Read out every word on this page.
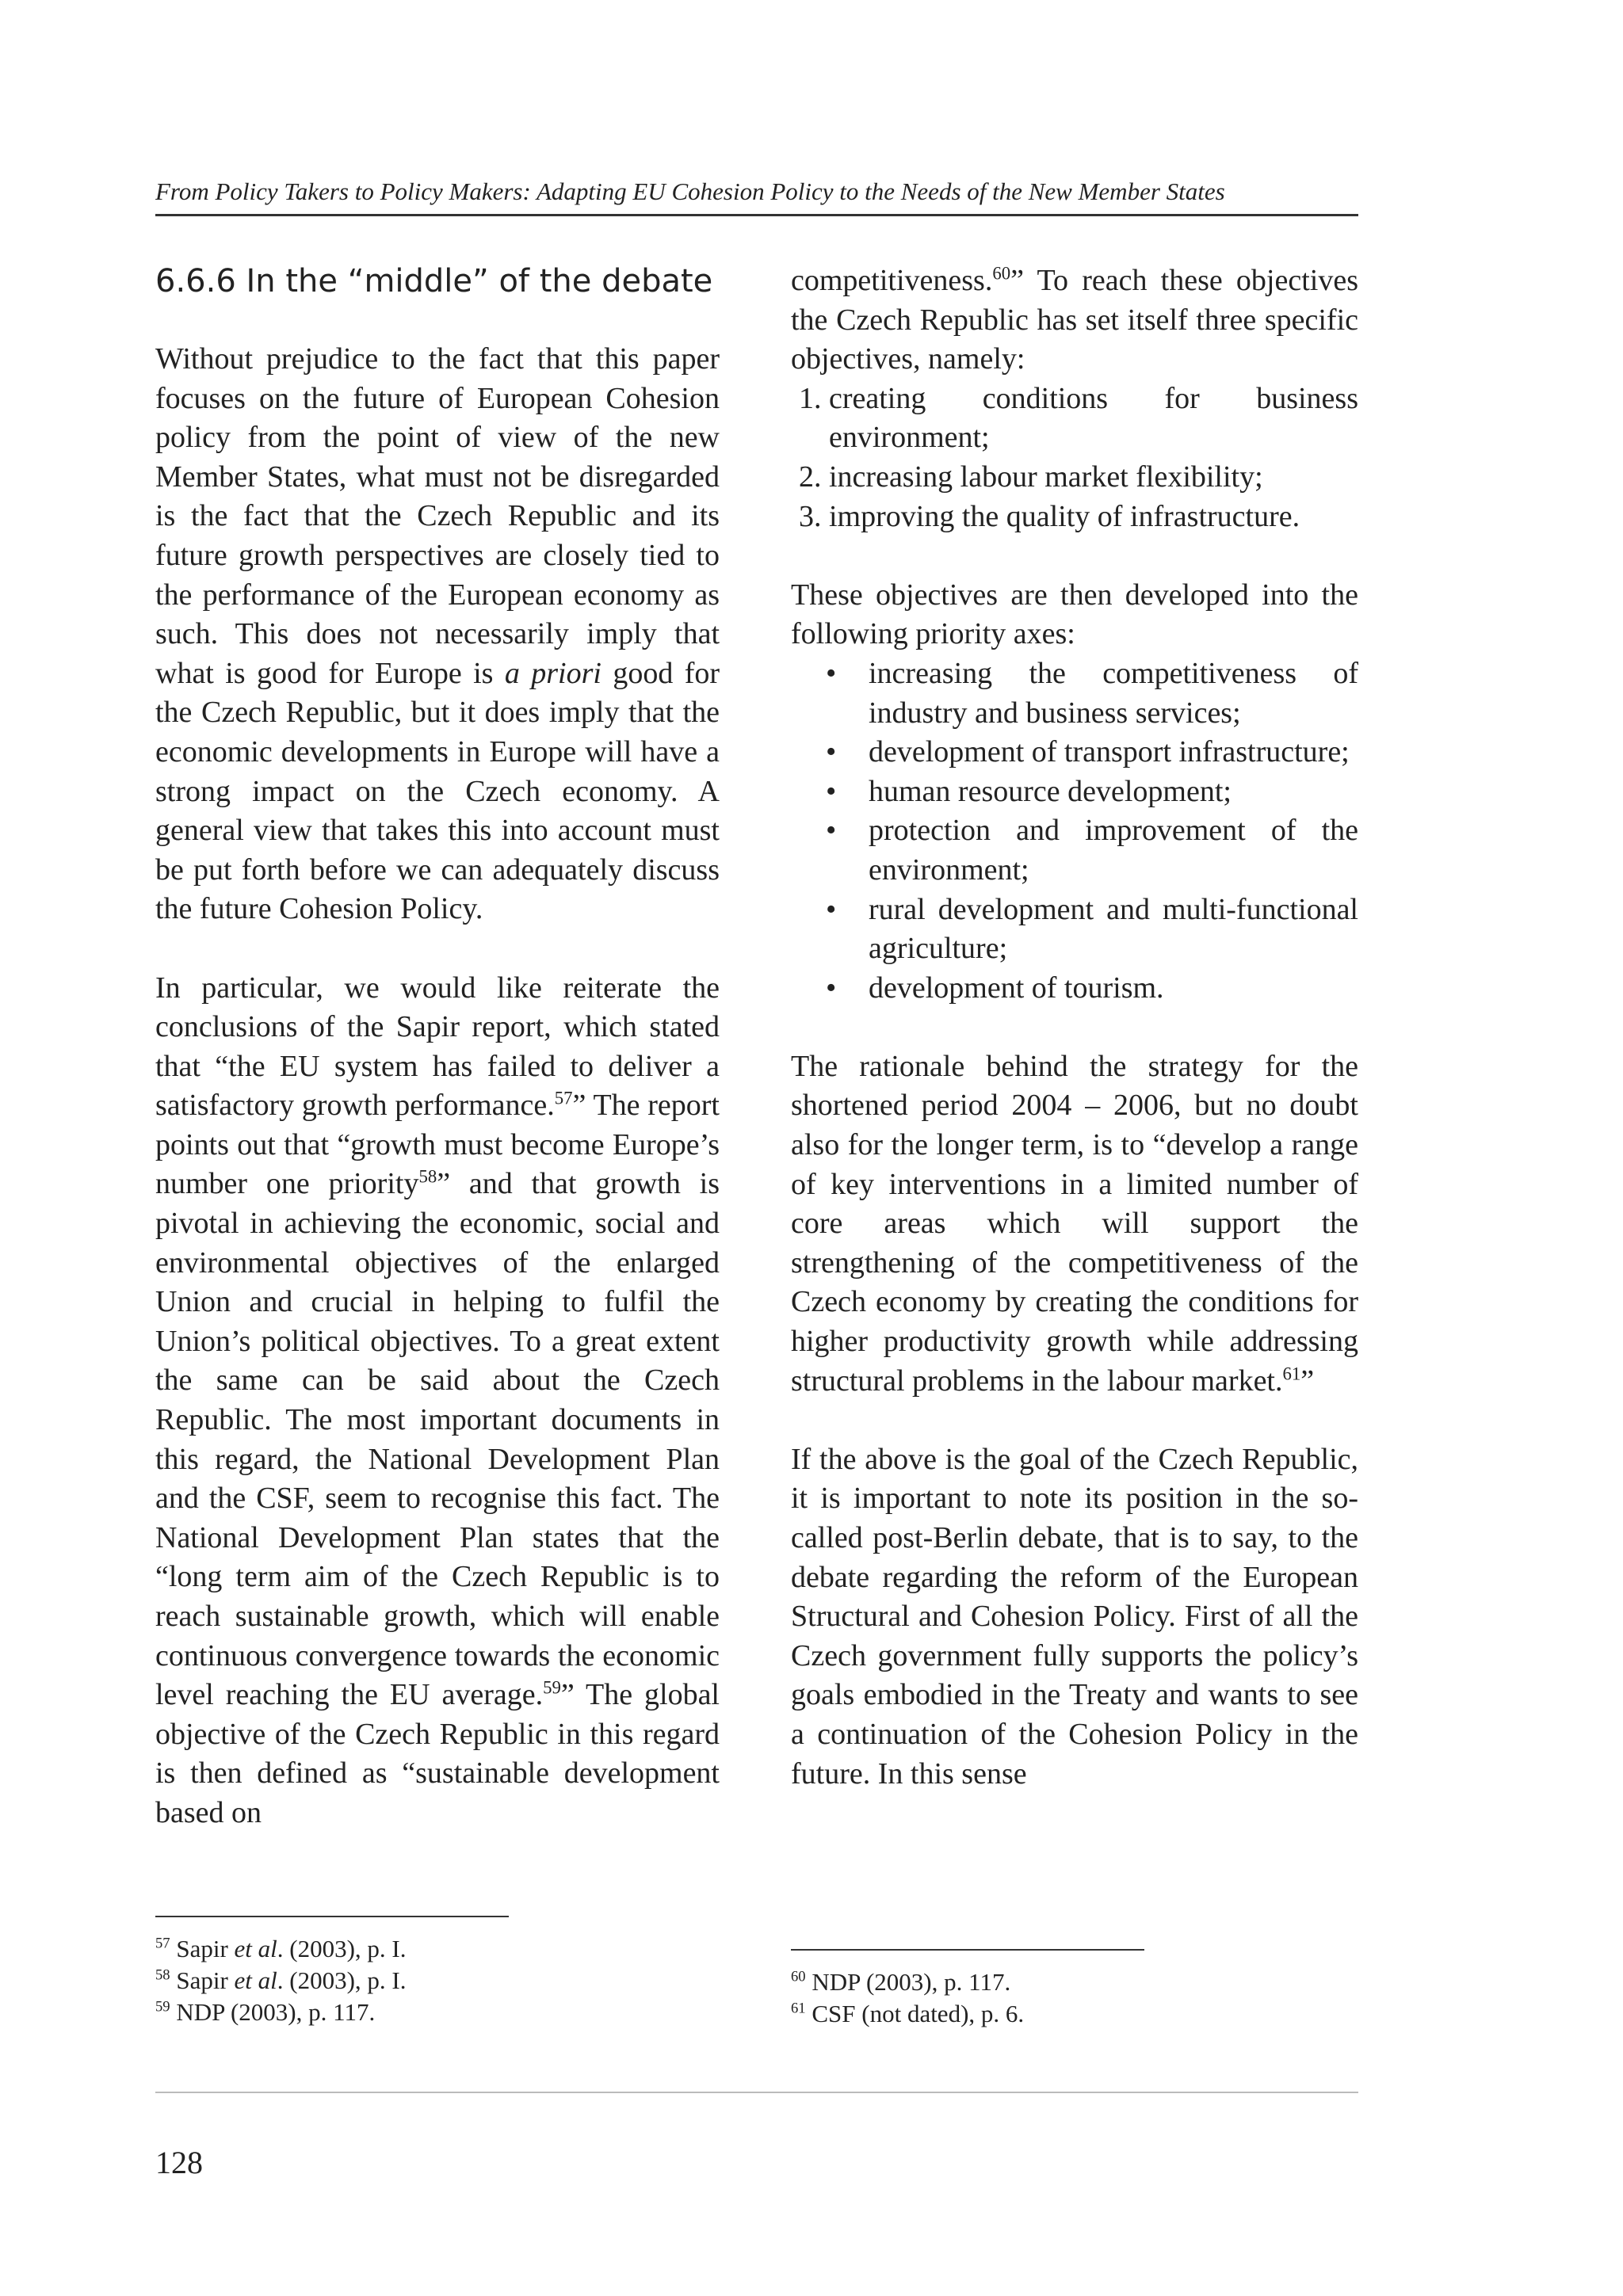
From Policy Takers to Policy Makers: Adapting EU Cohesion Policy to the Needs of the New Member States
6.6.6 In the “middle” of the debate

Without prejudice to the fact that this paper focuses on the future of European Cohesion policy from the point of view of the new Member States, what must not be disregarded is the fact that the Czech Republic and its future growth perspectives are closely tied to the performance of the European economy as such. This does not necessarily imply that what is good for Europe is a priori good for the Czech Republic, but it does imply that the economic developments in Europe will have a strong impact on the Czech economy. A general view that takes this into account must be put forth before we can adequately discuss the future Cohesion Policy.

In particular, we would like reiterate the conclusions of the Sapir report, which stated that “the EU system has failed to deliver a satisfactory growth performance.$^{57}$” The report points out that “growth must become Europe’s number one priority$^{58}$” and that growth is pivotal in achieving the economic, social and environmental objectives of the enlarged Union and crucial in helping to fulfil the Union’s political objectives. To a great extent the same can be said about the Czech Republic. The most important documents in this regard, the National Development Plan and the CSF, seem to recognise this fact. The National Development Plan states that the “long term aim of the Czech Republic is to reach sustainable growth, which will enable continuous convergence towards the economic level reaching the EU average.$^{59}$” The global objective of the Czech Republic in this regard is then defined as “sustainable development based on

competitiveness.$^{60}$” To reach these objectives the Czech Republic has set itself three specific objectives, namely:

1. creating conditions for business environment;
2. increasing labour market flexibility;
3. improving the quality of infrastructure.

These objectives are then developed into the following priority axes:

• increasing the competitiveness of industry and business services;
• development of transport infrastructure;
• human resource development;
• protection and improvement of the environment;
• rural development and multi-functional agriculture;
• development of tourism.

The rationale behind the strategy for the shortened period 2004 – 2006, but no doubt also for the longer term, is to “develop a range of key interventions in a limited number of core areas which will support the strengthening of the competitiveness of the Czech economy by creating the conditions for higher productivity growth while addressing structural problems in the labour market.$^{61}$”

If the above is the goal of the Czech Republic, it is important to note its position in the so-called post-Berlin debate, that is to say, to the debate regarding the reform of the European Structural and Cohesion Policy. First of all the Czech government fully supports the policy’s goals embodied in the Treaty and wants to see a continuation of the Cohesion Policy in the future. In this sense

$^{57}$ Sapir et al. (2003), p. I.
$^{58}$ Sapir et al. (2003), p. I.
$^{59}$ NDP (2003), p. 117.
$^{60}$ NDP (2003), p. 117.
$^{61}$ CSF (not dated), p. 6.
128
